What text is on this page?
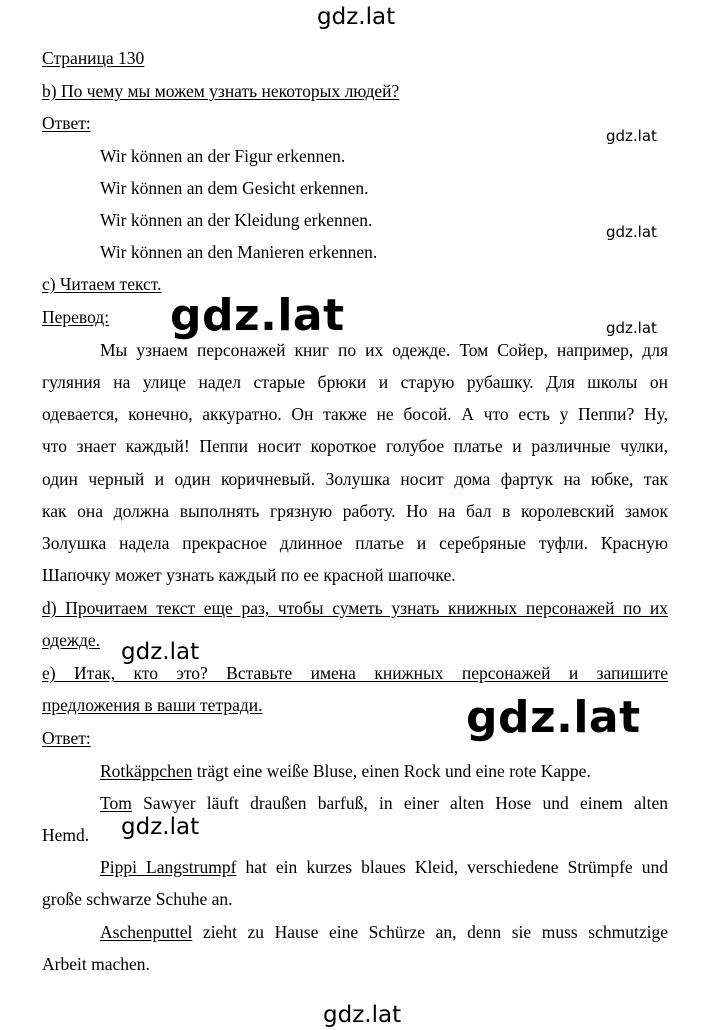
gdz.lat
gdz.lat
gdz.lat
gdz.lat	gdz.lat
gdz.lat
gdz.lat
gdz.lat
gdz.lat
Страница 130
b) По чему мы можем узнать некоторых людей?
Ответ:
Wir können an der Figur erkennen.
Wir können an dem Gesicht erkennen.
Wir können an der Kleidung erkennen.
Wir können an den Manieren erkennen.
c) Читаем текст.
Перевод:
Мы узнаем персонажей книг по их одежде. Том Сойер, например, для
гуляния на улице надел старые брюки и старую рубашку. Для школы он
одевается, конечно, аккуратно. Он также не босой. А что есть у Пеппи? Ну,
что знает каждый! Пеппи носит короткое голубое платье и различные чулки,
один черный и один коричневый. Золушка носит дома фартук на юбке, так
как она должна выполнять грязную работу. Но на бал в королевский замок
Золушка надела прекрасное длинное платье и серебряные туфли. Красную
Шапочку может узнать каждый по ее красной шапочке.
d) Прочитаем текст еще раз, чтобы суметь узнать книжных персонажей по их
одежде.
e) Итак, кто это? Вставьте имена книжных персонажей и запишите
предложения в ваши тетради.
Ответ:
Rotkäppchen trägt eine weiße Bluse, einen Rock und eine rote Kappe.
Tom Sawyer läuft draußen barfuß, in einer alten Hose und einem alten
Hemd.
Pippi Langstrumpf hat ein kurzes blaues Kleid, verschiedene Strümpfe und
große schwarze Schuhe an.
Aschenputtel zieht zu Hause eine Schürze an, denn sie muss schmutzige
Arbeit machen.
